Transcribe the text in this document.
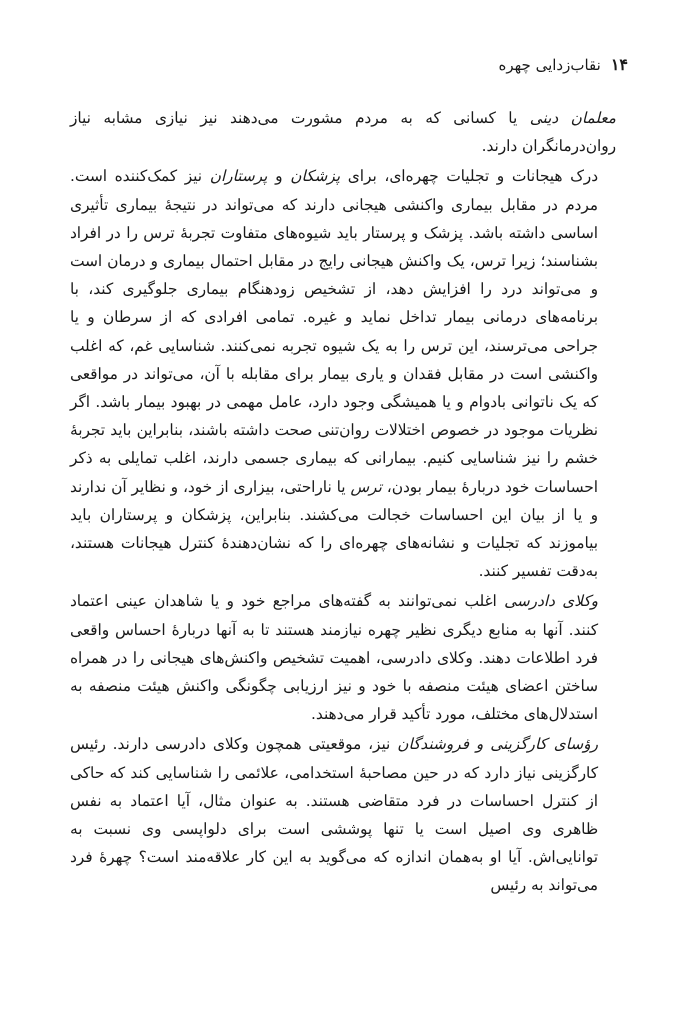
۱۴
نقاب‌زدایی چهره

معلمان دینی یا کسانی که به مردم مشورت می‌دهند نیز نیازی مشابه نیاز روان‌درمانگران دارند.

درک هیجانات و تجلیات چهره‌ای، برای پزشکان و پرستاران نیز کمک‌کننده است. مردم در مقابل بیماری واکنشی هیجانی دارند که می‌تواند در نتیجهٔ بیماری تأثیری اساسی داشته باشد. پزشک و پرستار باید شیوه‌های متفاوت تجربهٔ ترس را در افراد بشناسند؛ زیرا ترس، یک واکنش هیجانی رایج در مقابل احتمال بیماری و درمان است و می‌تواند درد را افزایش دهد، از تشخیص زودهنگام بیماری جلوگیری کند، با برنامه‌های درمانی بیمار تداخل نماید و غیره. تمامی افرادی که از سرطان و یا جراحی می‌ترسند، این ترس را به یک شیوه تجربه نمی‌کنند. شناسایی غم، که اغلب واکنشی است در مقابل فقدان و یاری بیمار برای مقابله با آن، می‌تواند در مواقعی که یک ناتوانی بادوام و یا همیشگی وجود دارد، عامل مهمی در بهبود بیمار باشد. اگر نظریات موجود در خصوص اختلالات روان‌تنی صحت داشته باشند، بنابراین باید تجربهٔ خشم را نیز شناسایی کنیم. بیمارانی که بیماری جسمی دارند، اغلب تمایلی به ذکر احساسات خود دربارهٔ بیمار بودن، ترس یا ناراحتی، بیزاری از خود، و نظایر آن ندارند و یا از بیان این احساسات خجالت می‌کشند. بنابراین، پزشکان و پرستاران باید بیاموزند که تجلیات و نشانه‌های چهره‌ای را که نشان‌دهندهٔ کنترل هیجانات هستند، به‌دقت تفسیر کنند.

وکلای دادرسی اغلب نمی‌توانند به گفته‌های مراجع خود و یا شاهدان عینی اعتماد کنند. آنها به منابع دیگری نظیر چهره نیازمند هستند تا به آنها دربارهٔ احساس واقعی فرد اطلاعات دهند. وکلای دادرسی، اهمیت تشخیص واکنش‌های هیجانی را در همراه ساختن اعضای هیئت منصفه با خود و نیز ارزیابی چگونگی واکنش هیئت منصفه به استدلال‌های مختلف، مورد تأکید قرار می‌دهند.

رؤسای کارگزینی و فروشندگان نیز، موقعیتی همچون وکلای دادرسی دارند. رئیس کارگزینی نیاز دارد که در حین مصاحبهٔ استخدامی، علائمی را شناسایی کند که حاکی از کنترل احساسات در فرد متقاضی هستند. به عنوان مثال، آیا اعتماد به نفس ظاهری وی اصیل است یا تنها پوششی است برای دلواپسی وی نسبت به توانایی‌اش. آیا او به‌همان اندازه که می‌گوید به این کار علاقه‌مند است؟ چهرهٔ فرد می‌تواند به رئیس
